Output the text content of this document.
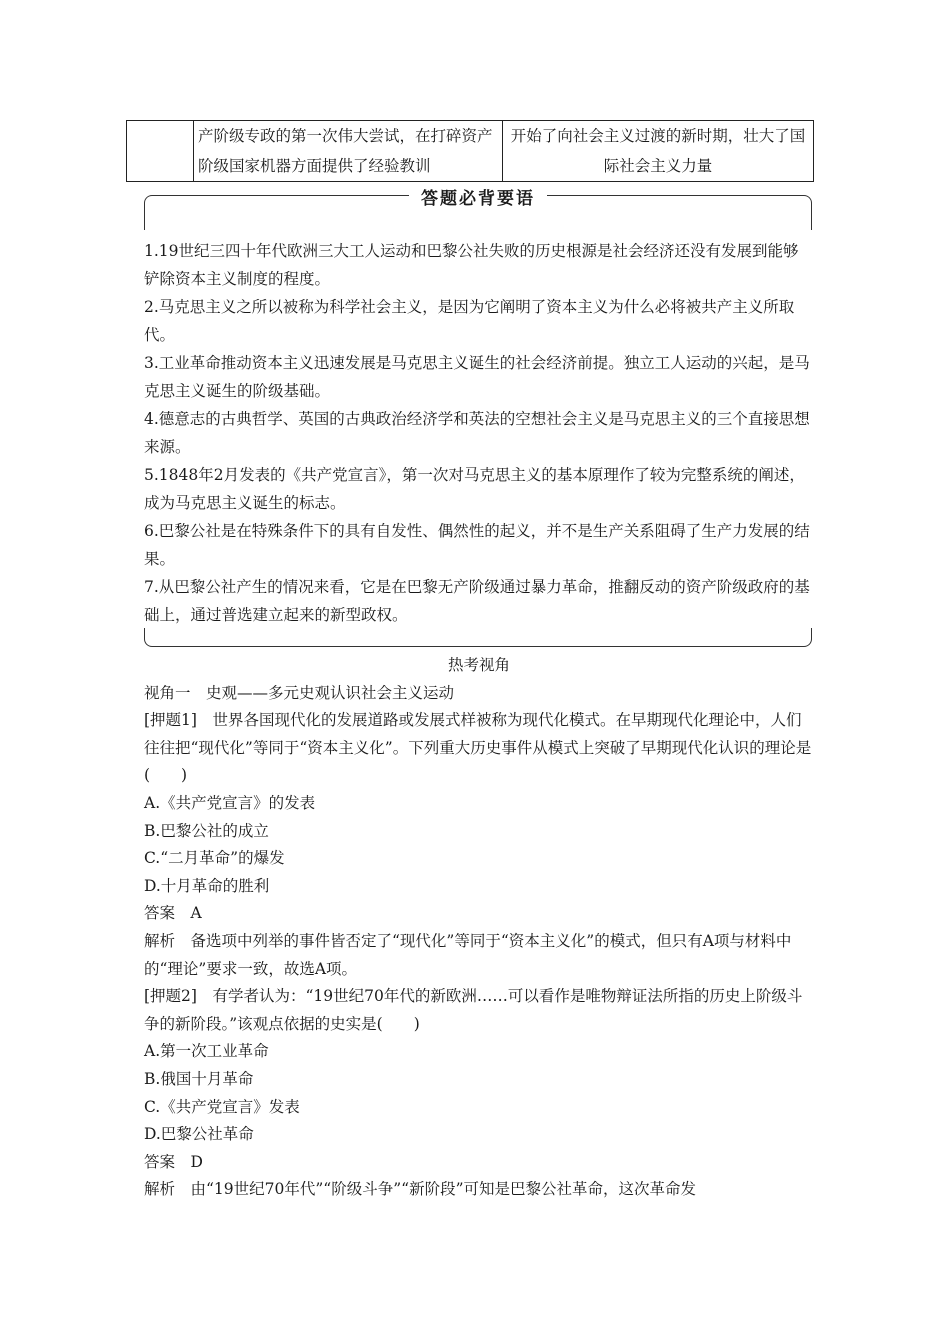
	产阶级专政的第一次伟大尝试，在打碎资产阶级国家机器方面提供了经验教训	开始了向社会主义过渡的新时期，壮大了国际社会主义力量
答题必背要语

1.19世纪三四十年代欧洲三大工人运动和巴黎公社失败的历史根源是社会经济还没有发展到能够铲除资本主义制度的程度。

2.马克思主义之所以被称为科学社会主义，是因为它阐明了资本主义为什么必将被共产主义所取代。

3.工业革命推动资本主义迅速发展是马克思主义诞生的社会经济前提。独立工人运动的兴起，是马克思主义诞生的阶级基础。

4.德意志的古典哲学、英国的古典政治经济学和英法的空想社会主义是马克思主义的三个直接思想来源。

5.1848年2月发表的《共产党宣言》，第一次对马克思主义的基本原理作了较为完整系统的阐述，成为马克思主义诞生的标志。

6.巴黎公社是在特殊条件下的具有自发性、偶然性的起义，并不是生产关系阻碍了生产力发展的结果。

7.从巴黎公社产生的情况来看，它是在巴黎无产阶级通过暴力革命，推翻反动的资产阶级政府的基础上，通过普选建立起来的新型政权。

热考视角

视角一　史观——多元史观认识社会主义运动

[押题1]　世界各国现代化的发展道路或发展式样被称为现代化模式。在早期现代化理论中，人们往往把“现代化”等同于“资本主义化”。下列重大历史事件从模式上突破了早期现代化认识的理论是(　　)

A.《共产党宣言》的发表

B.巴黎公社的成立

C.“二月革命”的爆发

D.十月革命的胜利

答案　A

解析　备选项中列举的事件皆否定了“现代化”等同于“资本主义化”的模式，但只有A项与材料中的“理论”要求一致，故选A项。

[押题2]　有学者认为：“19世纪70年代的新欧洲……可以看作是唯物辩证法所指的历史上阶级斗争的新阶段。”该观点依据的史实是(　　)

A.第一次工业革命

B.俄国十月革命

C.《共产党宣言》发表

D.巴黎公社革命

答案　D

解析　由“19世纪70年代”“阶级斗争”“新阶段”可知是巴黎公社革命，这次革命发
